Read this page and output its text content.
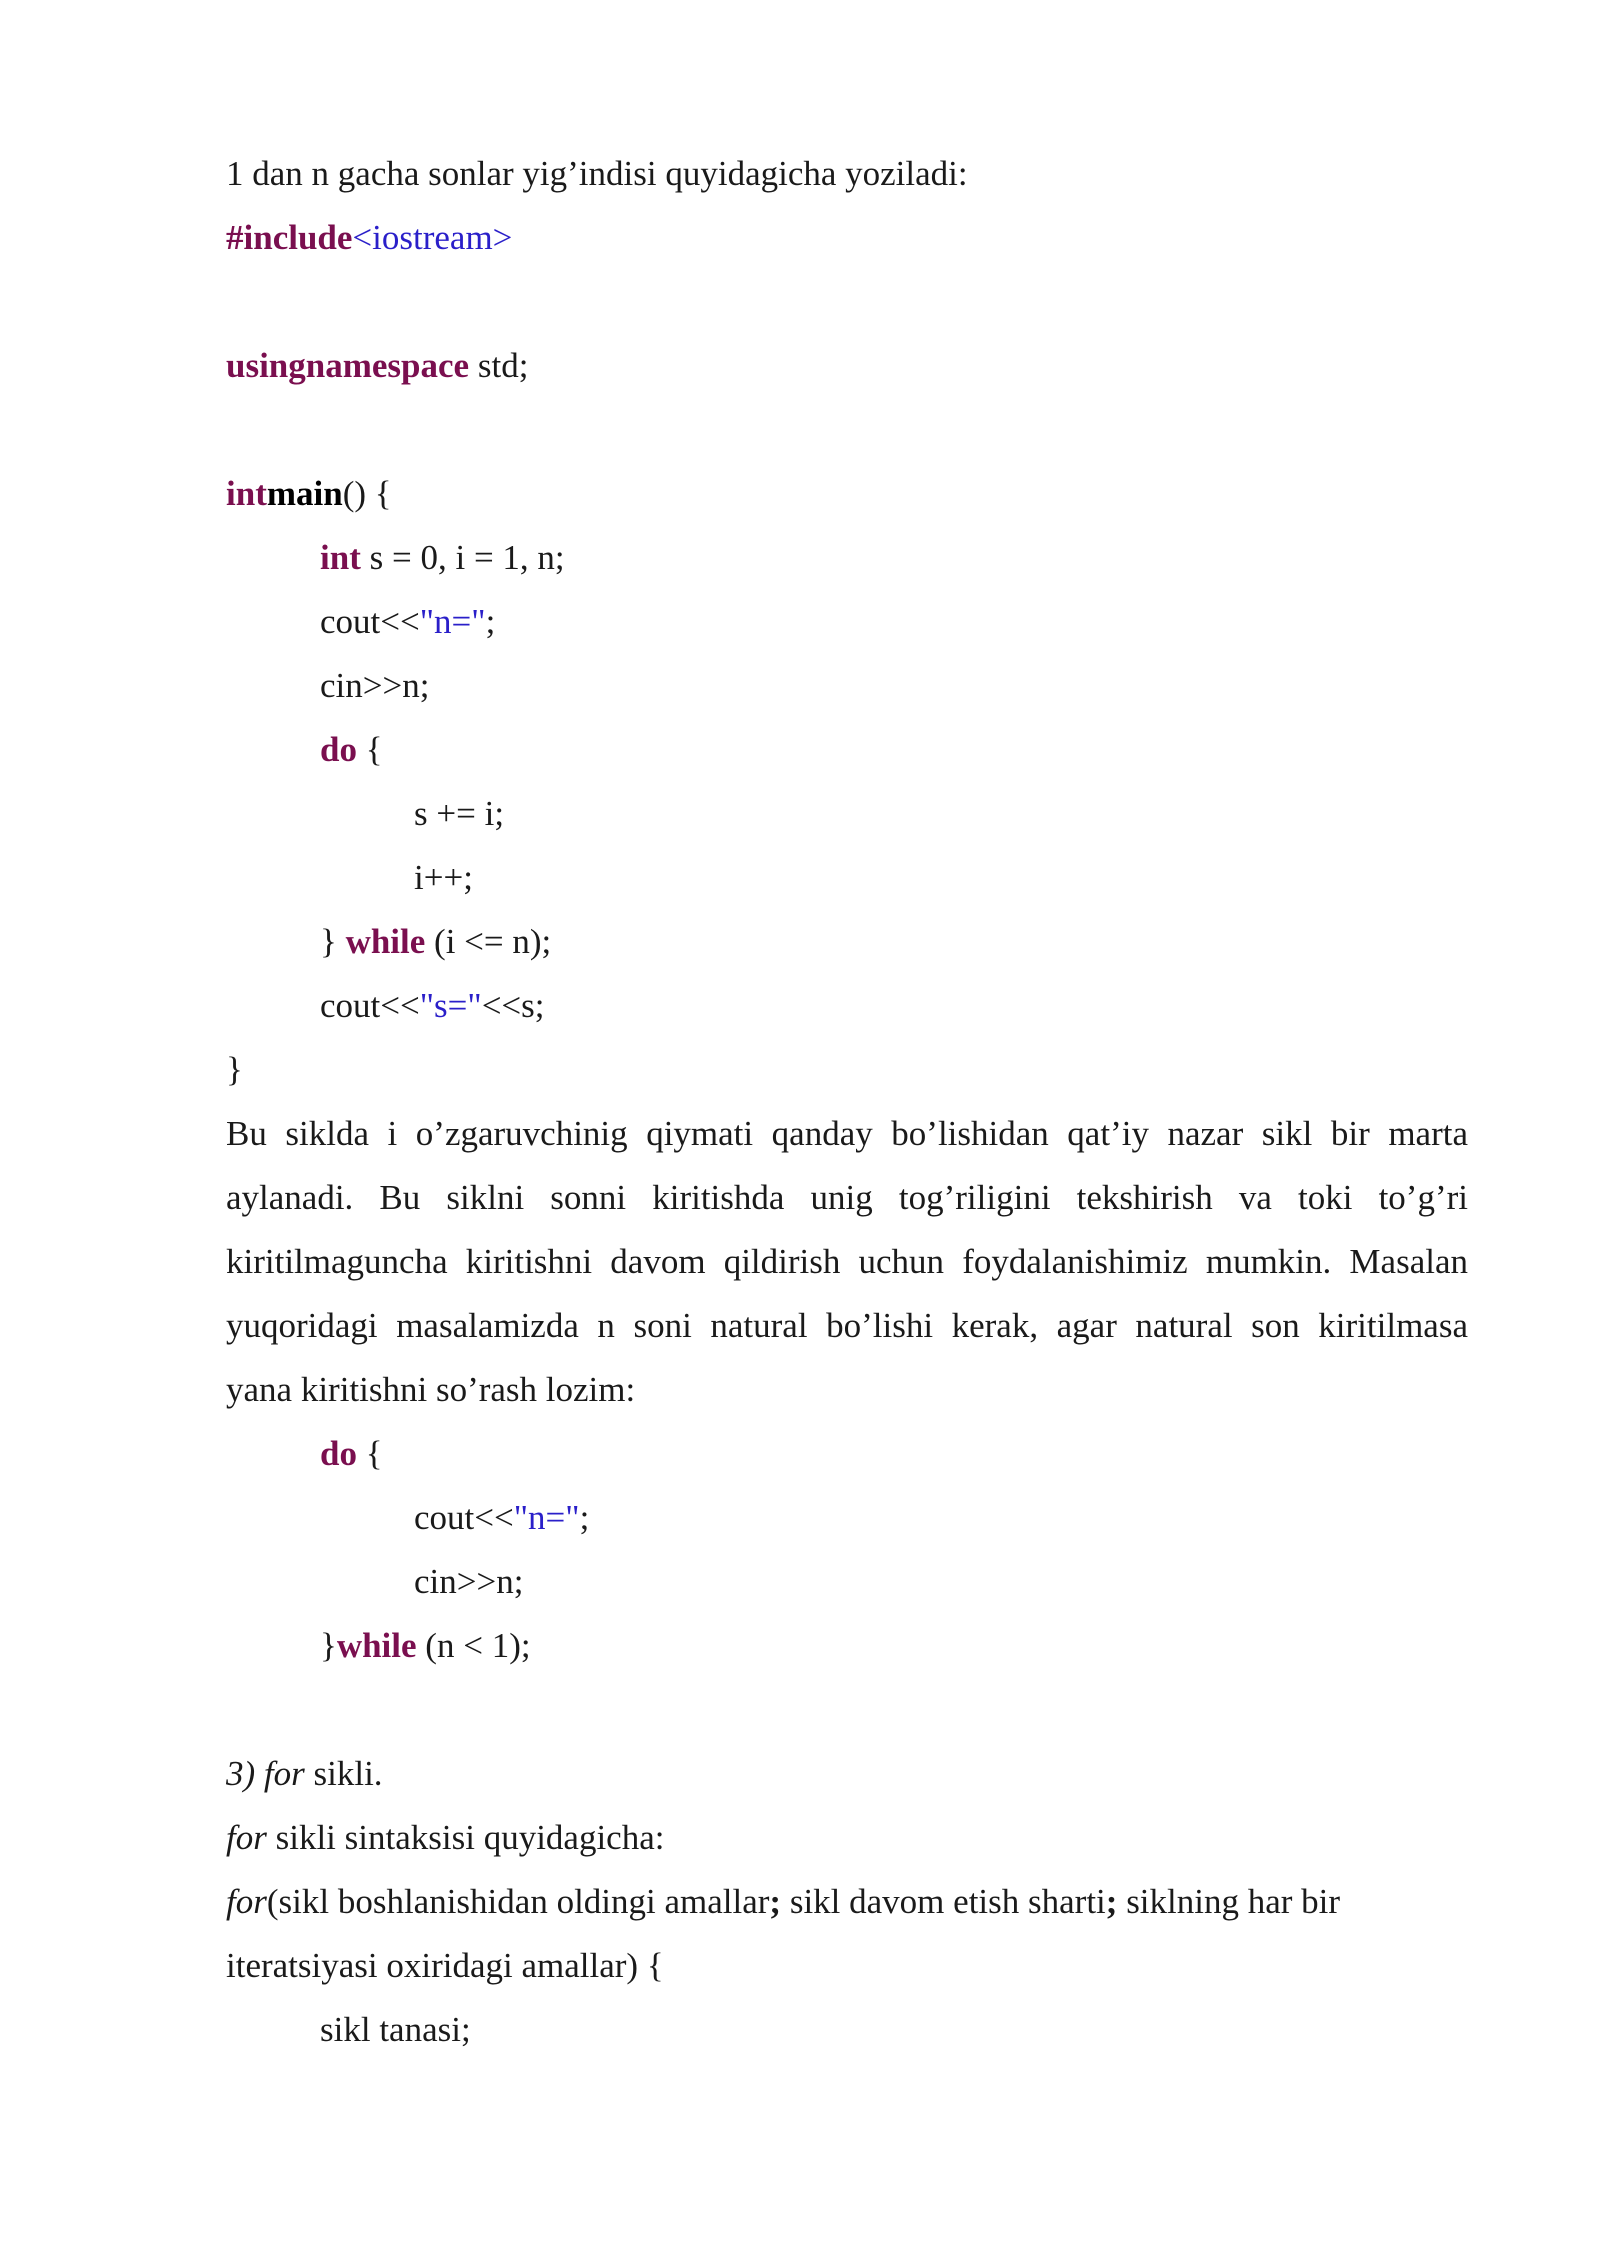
1 dan n gacha sonlar yig’indisi quyidagicha yoziladi:
#include<iostream>
usingnamespace std;
intmain() {
int s = 0, i = 1, n;
cout<<"n=";
cin>>n;
do {
s += i;
i++;
} while (i <= n);
cout<<"s="<<s;
}
Bu siklda i o’zgaruvchinig qiymati qanday bo’lishidan qat’iy nazar sikl bir marta
aylanadi. Bu siklni sonni kiritishda unig tog’riligini tekshirish va toki to’g’ri
kiritilmaguncha kiritishni davom qildirish uchun foydalanishimiz mumkin. Masalan
yuqoridagi masalamizda n soni natural bo’lishi kerak, agar natural son kiritilmasa
yana kiritishni so’rash lozim:
do {
cout<<"n=";
cin>>n;
}while (n < 1);
3) for sikli.
for sikli sintaksisi quyidagicha:
for(sikl boshlanishidan oldingi amallar; sikl davom etish sharti; siklning har bir
iteratsiyasi oxiridagi amallar) {
sikl tanasi;
